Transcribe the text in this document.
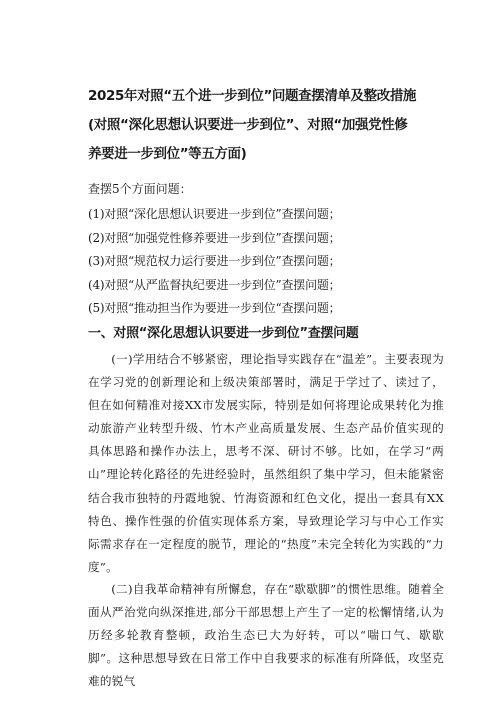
2025年对照“五个进一步到位”问题查摆清单及整改措施(对照“深化思想认识要进一步到位”、对照“加强党性修养要进一步到位”等五方面)
查摆5个方面问题：
(1)对照“深化思想认识要进一步到位”查摆问题；
(2)对照“加强党性修养要进一步到位”查摆问题；
(3)对照“规范权力运行要进一步到位”查摆问题；
(4)对照“从严监督执纪要进一步到位”查摆问题；
(5)对照“推动担当作为要进一步到位“查摆问题；
一、对照“深化思想认识要进一步到位”查摆问题

(一)学用结合不够紧密，理论指导实践存在“温差”。主要表现为在学习党的创新理论和上级决策部署时，满足于学过了、读过了，但在如何精准对接XX市发展实际，特别是如何将理论成果转化为推动旅游产业转型升级、竹木产业高质量发展、生态产品价值实现的具体思路和操作办法上，思考不深、研讨不够。比如，在学习“两山”理论转化路径的先进经验时，虽然组织了集中学习，但未能紧密结合我市独特的丹霞地貌、竹海资源和红色文化，提出一套具有XX特色、操作性强的价值实现体系方案，导致理论学习与中心工作实际需求存在一定程度的脱节，理论的“热度”未完全转化为实践的“力度”。

(二)自我革命精神有所懈怠，存在“歇歇脚”的惯性思维。随着全面从严治党向纵深推进,部分干部思想上产生了一定的松懈情绪,认为历经多轮教育整顿，政治生态已大为好转，可以“喘口气、歇歇脚”。这种思想导致在日常工作中自我要求的标准有所降低，攻坚克难的锐气
